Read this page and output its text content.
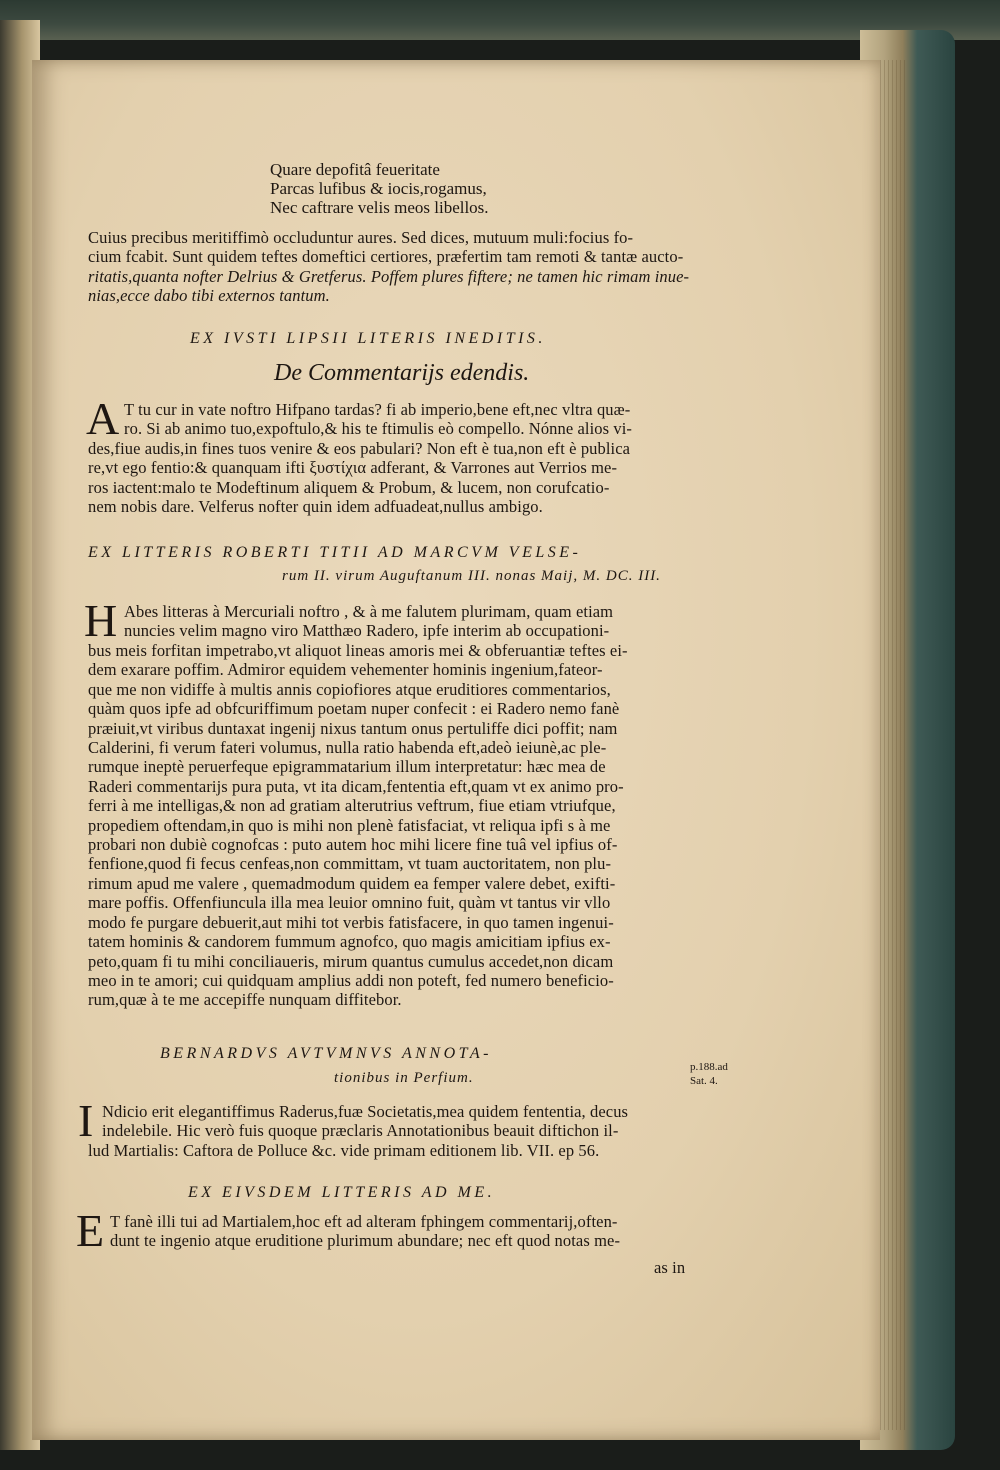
Quare depofitâ feueritate
Parcas lufibus & iocis,rogamus,
Nec caftrare velis meos libellos.
Cuius precibus meritiffimò occluduntur aures. Sed dices, mutuum muli:focius fo-
cium fcabit. Sunt quidem teftes domeftici certiores, præfertim tam remoti & tantæ aucto-
ritatis,quanta nofter Delrius & Gretferus. Poffem plures fiftere; ne tamen hic rimam inue-
nias,ecce dabo tibi externos tantum.
EX IVSTI LIPSII LITERIS INEDITIS.
De Commentarijs edendis.
A T tu cur in vate noftro Hifpano tardas? fi ab imperio,bene eft,nec vltra quæ-
ro. Si ab animo tuo,expoftulo,& his te ftimulis eò compello. Nónne alios vi-
des,fiue audis,in fines tuos venire & eos pabulari? Non eft è tua,non eft è publica
re,vt ego fentio:& quanquam ifti ξυστίχια adferant, & Varrones aut Verrios me-
ros iactent:malo te Modeftinum aliquem & Probum, & lucem, non corufcatio-
nem nobis dare. Velferus nofter quin idem adfuadeat,nullus ambigo.
EX LITTERIS ROBERTI TITII AD MARCVM VELSE-
rum II. virum Auguftanum III. nonas Maij, M. DC. III.
H Abes litteras à Mercuriali noftro , & à me falutem plurimam, quam etiam
nuncies velim magno viro Matthæo Radero, ipfe interim ab occupationi-
bus meis forfitan impetrabo,vt aliquot lineas amoris mei & obferuantiæ teftes ei-
dem exarare poffim. Admiror equidem vehementer hominis ingenium,fateor-
que me non vidiffe à multis annis copiofiores atque eruditiores commentarios,
quàm quos ipfe ad obfcuriffimum poetam nuper confecit : ei Radero nemo fanè
præiuit,vt viribus duntaxat ingenij nixus tantum onus pertuliffe dici poffit; nam
Calderini, fi verum fateri volumus, nulla ratio habenda eft,adeò ieiunè,ac ple-
rumque ineptè peruerfeque epigrammatarium illum interpretatur: hæc mea de
Raderi commentarijs pura puta, vt ita dicam,fententia eft,quam vt ex animo pro-
ferri à me intelligas,& non ad gratiam alterutrius veftrum, fiue etiam vtriufque,
propediem oftendam,in quo is mihi non plenè fatisfaciat, vt reliqua ipfi s à me
probari non dubiè cognofcas : puto autem hoc mihi licere fine tuâ vel ipfius of-
fenfione,quod fi fecus cenfeas,non committam, vt tuam auctoritatem, non plu-
rimum apud me valere , quemadmodum quidem ea femper valere debet, exifti-
mare poffis. Offenfiuncula illa mea leuior omnino fuit, quàm vt tantus vir vllo
modo fe purgare debuerit,aut mihi tot verbis fatisfacere, in quo tamen ingenui-
tatem hominis & candorem fummum agnofco, quo magis amicitiam ipfius ex-
peto,quam fi tu mihi conciliaueris, mirum quantus cumulus accedet,non dicam
meo in te amori; cui quidquam amplius addi non poteft, fed numero beneficio-
rum,quæ à te me accepiffe nunquam diffitebor.
BERNARDVS AVTVMNVS ANNOTA-
tionibus in Perfium.
p.188.ad
Sat. 4.
I Ndicio erit elegantiffimus Raderus,fuæ Societatis,mea quidem fententia, decus
indelebile. Hic verò fuis quoque præclaris Annotationibus beauit diftichon il-
lud Martialis: Caftora de Polluce &c. vide primam editionem lib. VII. ep 56.
EX EIVSDEM LITTERIS AD ME.
E T fanè illi tui ad Martialem,hoc eft ad alteram fphingem commentarij,often-
dunt te ingenio atque eruditione plurimum abundare; nec eft quod notas me-
as in
